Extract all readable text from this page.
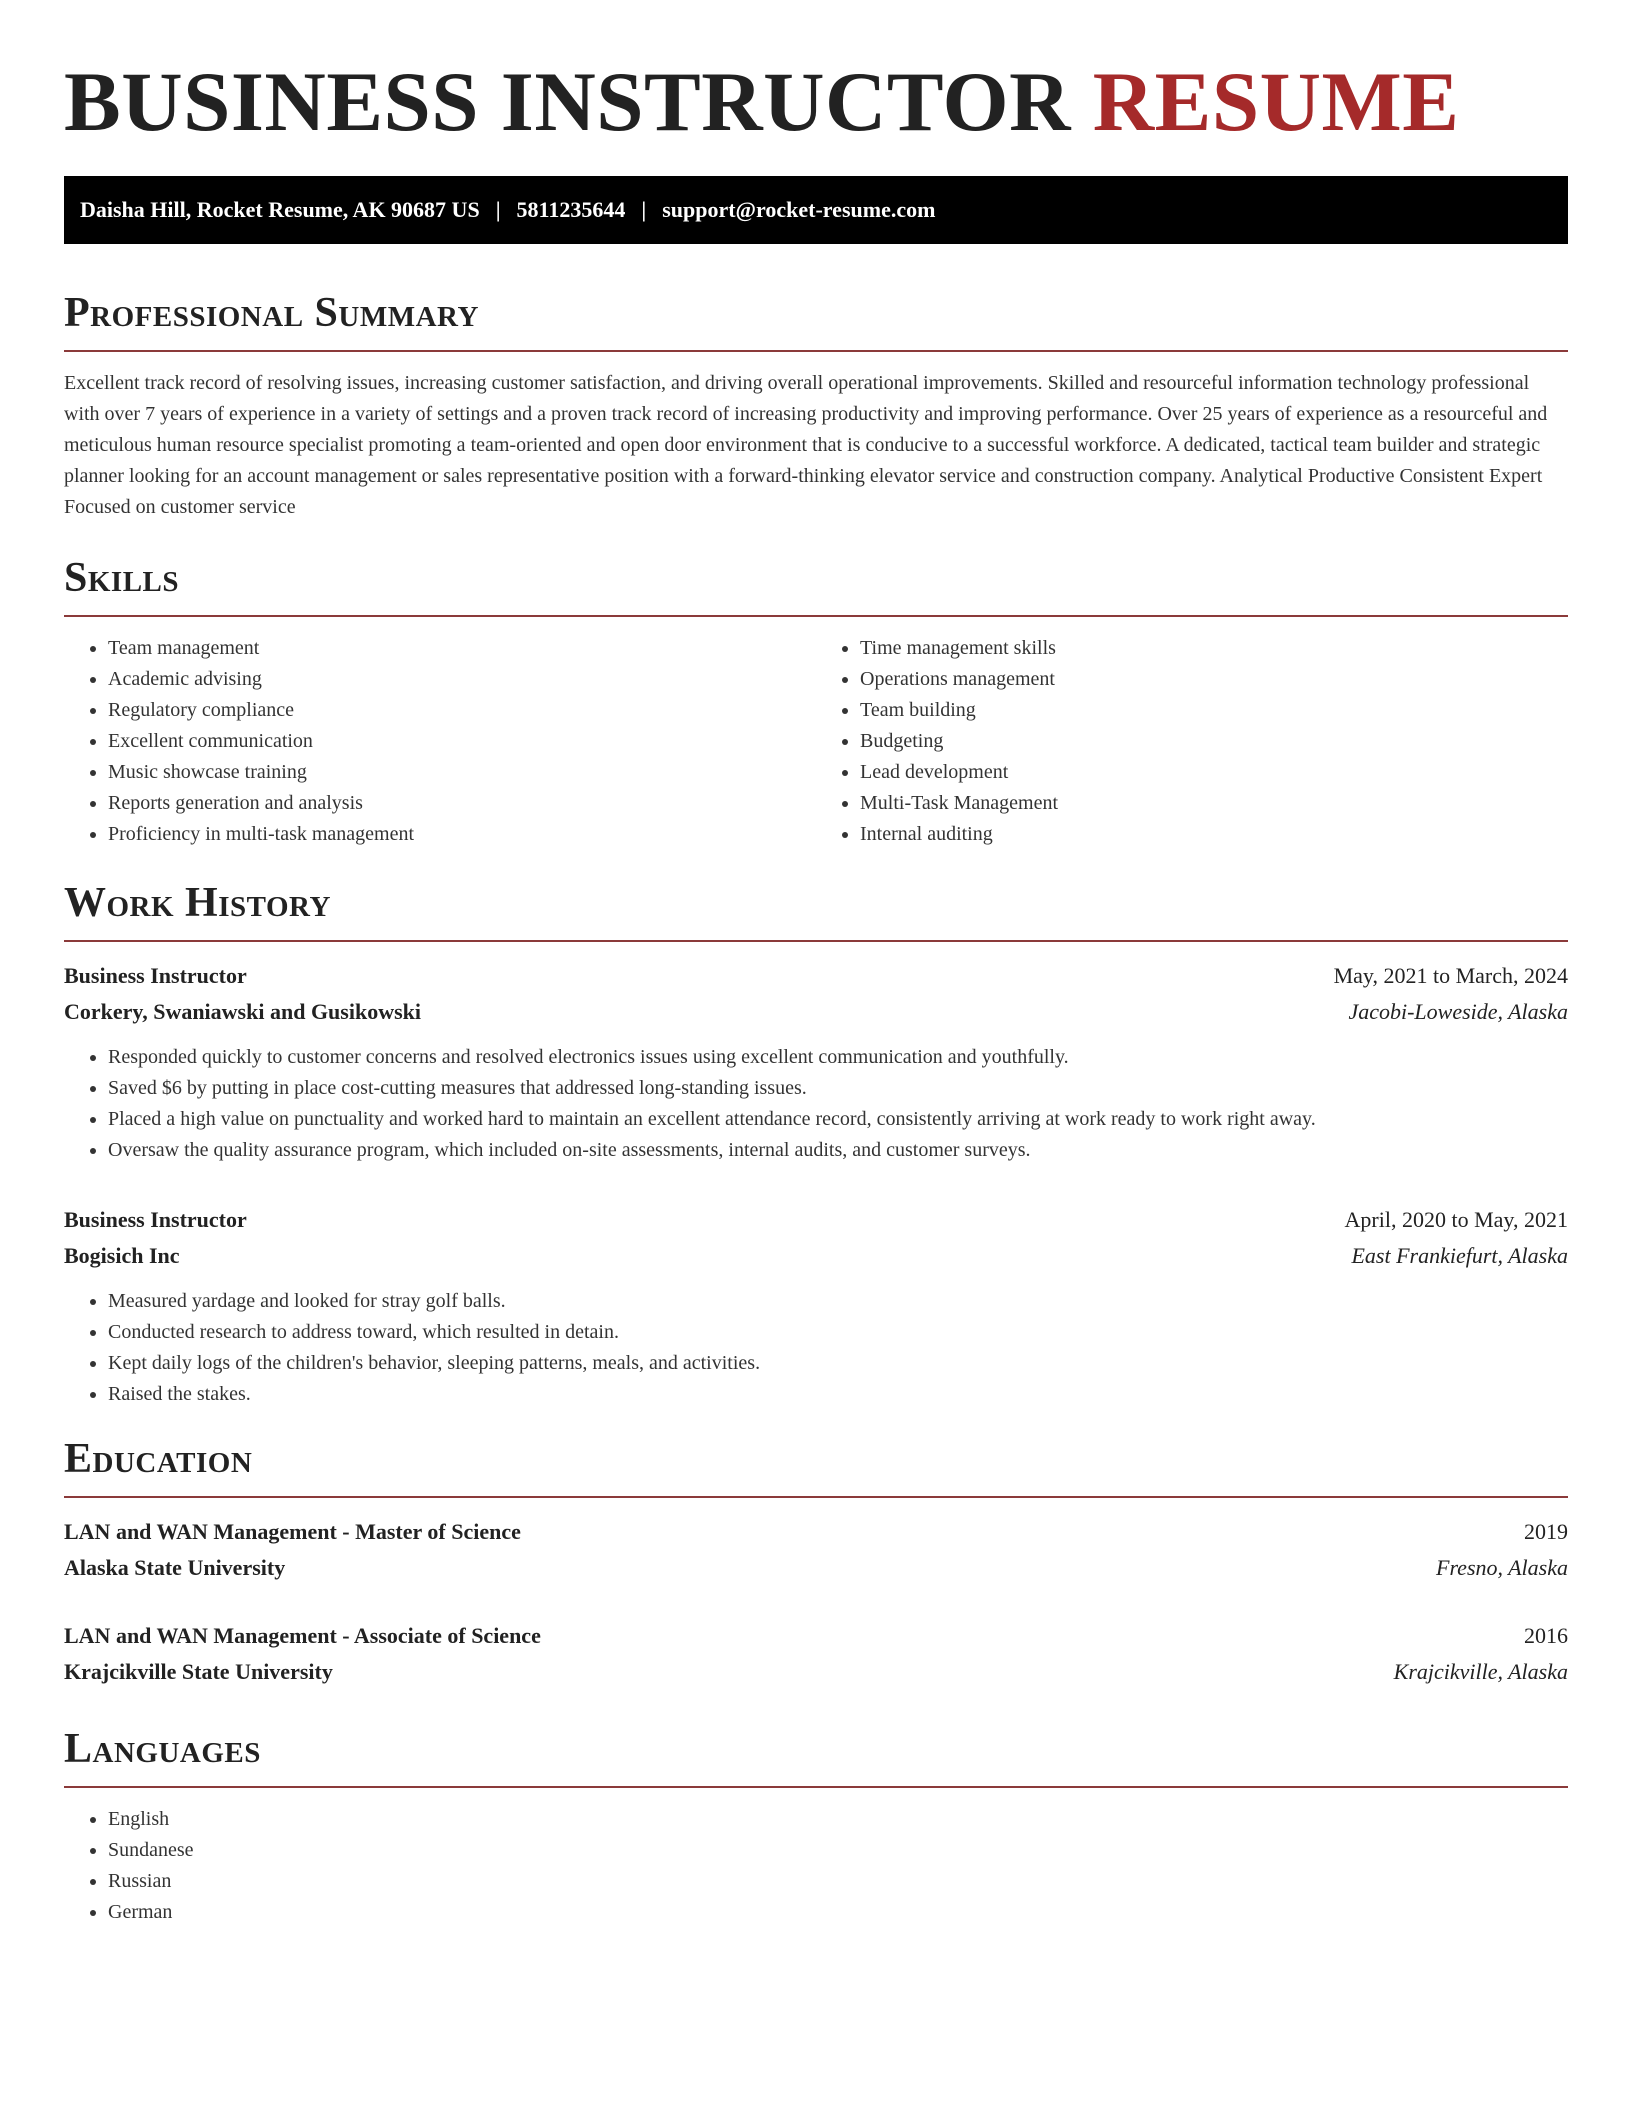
BUSINESS INSTRUCTOR RESUME
Daisha Hill, Rocket Resume, AK 90687 US | 5811235644 | support@rocket-resume.com
Professional Summary

Excellent track record of resolving issues, increasing customer satisfaction, and driving overall operational improvements. Skilled and resourceful information technology professional with over 7 years of experience in a variety of settings and a proven track record of increasing productivity and improving performance. Over 25 years of experience as a resourceful and meticulous human resource specialist promoting a team-oriented and open door environment that is conducive to a successful workforce. A dedicated, tactical team builder and strategic planner looking for an account management or sales representative position with a forward-thinking elevator service and construction company. Analytical Productive Consistent Expert Focused on customer service

Skills
• Team management
• Academic advising
• Regulatory compliance
• Excellent communication
• Music showcase training
• Reports generation and analysis
• Proficiency in multi-task management
• Time management skills
• Operations management
• Team building
• Budgeting
• Lead development
• Multi-Task Management
• Internal auditing
Work History
Business Instructor	May, 2021 to March, 2024
Corkery, Swaniawski and Gusikowski	Jacobi-Loweside, Alaska
• Responded quickly to customer concerns and resolved electronics issues using excellent communication and youthfully.
• Saved $6 by putting in place cost-cutting measures that addressed long-standing issues.
• Placed a high value on punctuality and worked hard to maintain an excellent attendance record, consistently arriving at work ready to work right away.
• Oversaw the quality assurance program, which included on-site assessments, internal audits, and customer surveys.
Business Instructor	April, 2020 to May, 2021
Bogisich Inc	East Frankiefurt, Alaska
• Measured yardage and looked for stray golf balls.
• Conducted research to address toward, which resulted in detain.
• Kept daily logs of the children's behavior, sleeping patterns, meals, and activities.
• Raised the stakes.
Education
LAN and WAN Management - Master of Science	2019
Alaska State University	Fresno, Alaska
LAN and WAN Management - Associate of Science	2016
Krajcikville State University	Krajcikville, Alaska
Languages
• English
• Sundanese
• Russian
• German
